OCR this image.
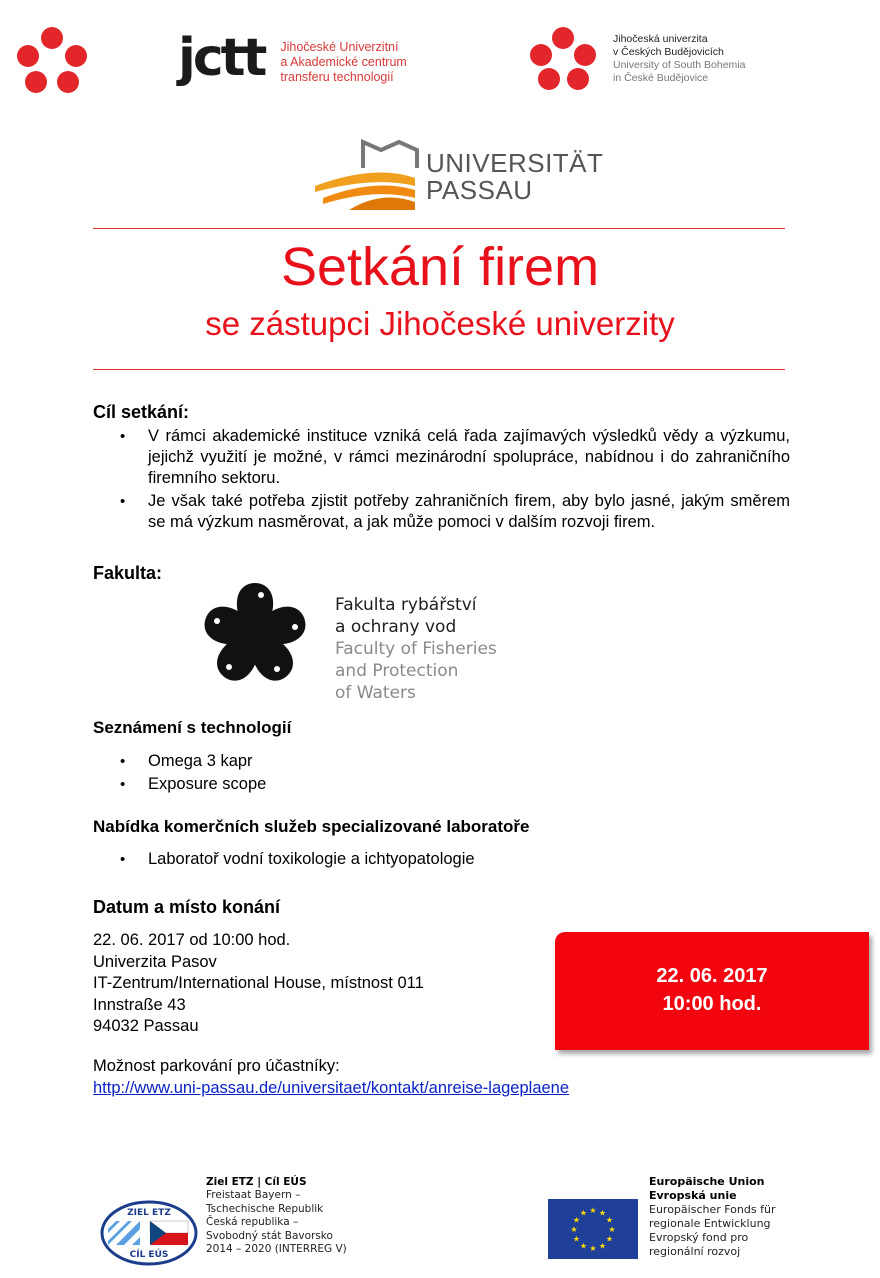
jctt Jihočeské Univerzitní
a Akademické centrum
transferu technologií
Jihočeská univerzita
v Českých Budějovicích
University of South Bohemia
in České Budějovice
UNIVERSITÄT
PASSAU
Setkání firem
se zástupci Jihočeské univerzity
Cíl setkání:
• V rámci akademické instituce vzniká celá řada zajímavých výsledků vědy a výzkumu, jejichž využití je možné, v rámci mezinárodní spolupráce, nabídnou i do zahraničního firemního sektoru.
• Je však také potřeba zjistit potřeby zahraničních firem, aby bylo jasné, jakým směrem se má výzkum nasměrovat, a jak může pomoci v dalším rozvoji firem.
Fakulta:
Fakulta rybářství
a ochrany vod
Faculty of Fisheries
and Protection
of Waters
Seznámení s technologií
• Omega 3 kapr
• Exposure scope
Nabídka komerčních služeb specializované laboratoře
• Laboratoř vodní toxikologie a ichtyopatologie
Datum a místo konání
22. 06. 2017 od 10:00 hod.
Univerzita Pasov
IT-Zentrum/International House, místnost 011
Innstraße 43
94032 Passau
22. 06. 2017
10:00 hod.
Možnost parkování pro účastníky:
http://www.uni-passau.de/universitaet/kontakt/anreise-lageplaene
ZIEL ETZ
CÍL EÚS
Ziel ETZ | Cíl EÚS
Freistaat Bayern –
Tschechische Republik
Česká republika –
Svobodný stát Bavorsko
2014 – 2020 (INTERREG V)
★ ★
★
★
★
★
★
★
★
★
★
★
Europäische Union
Evropská unie
Europäischer Fonds für
regionale Entwicklung
Evropský fond pro
regionální rozvoj
